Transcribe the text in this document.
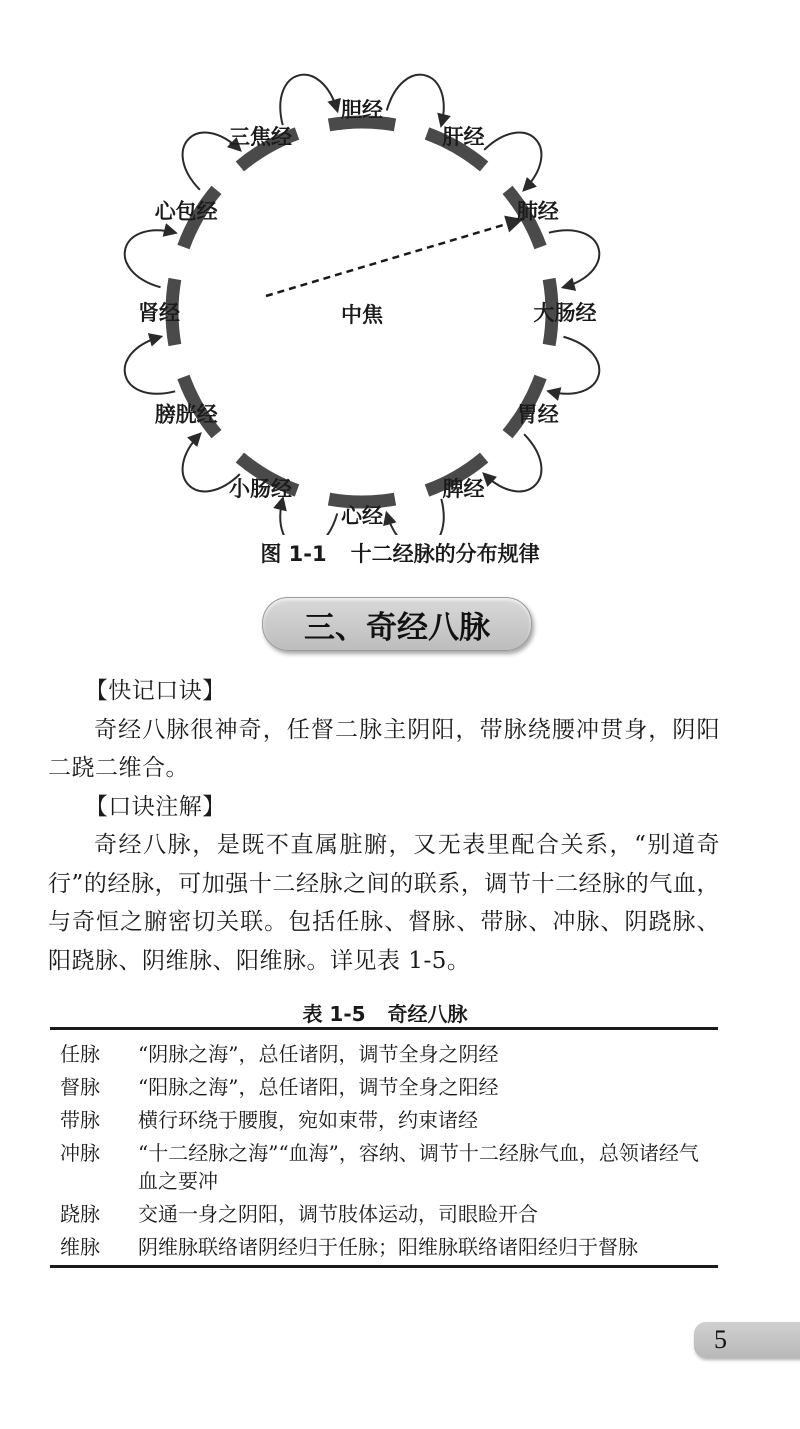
胆经
肝经
肺经
大肠经
胃经
脾经
心经
小肠经
膀胱经
肾经
心包经
三焦经
中焦
图 1-1 十二经脉的分布规律
三、奇经八脉

【快记口诀】

奇经八脉很神奇，任督二脉主阴阳，带脉绕腰冲贯身，阴阳二跷二维合。

【口诀注解】

奇经八脉，是既不直属脏腑，又无表里配合关系，“别道奇行”的经脉，可加强十二经脉之间的联系，调节十二经脉的气血，与奇恒之腑密切关联。包括任脉、督脉、带脉、冲脉、阴跷脉、阳跷脉、阴维脉、阳维脉。详见表 1-5。

表 1-5 奇经八脉
任脉	“阴脉之海”，总任诸阴，调节全身之阴经
督脉	“阳脉之海”，总任诸阳，调节全身之阳经
带脉	横行环绕于腰腹，宛如束带，约束诸经
冲脉	“十二经脉之海”“血海”，容纳、调节十二经脉气血，总领诸经气血之要冲
跷脉	交通一身之阴阳，调节肢体运动，司眼睑开合
维脉	阴维脉联络诸阴经归于任脉；阳维脉联络诸阳经归于督脉
5
